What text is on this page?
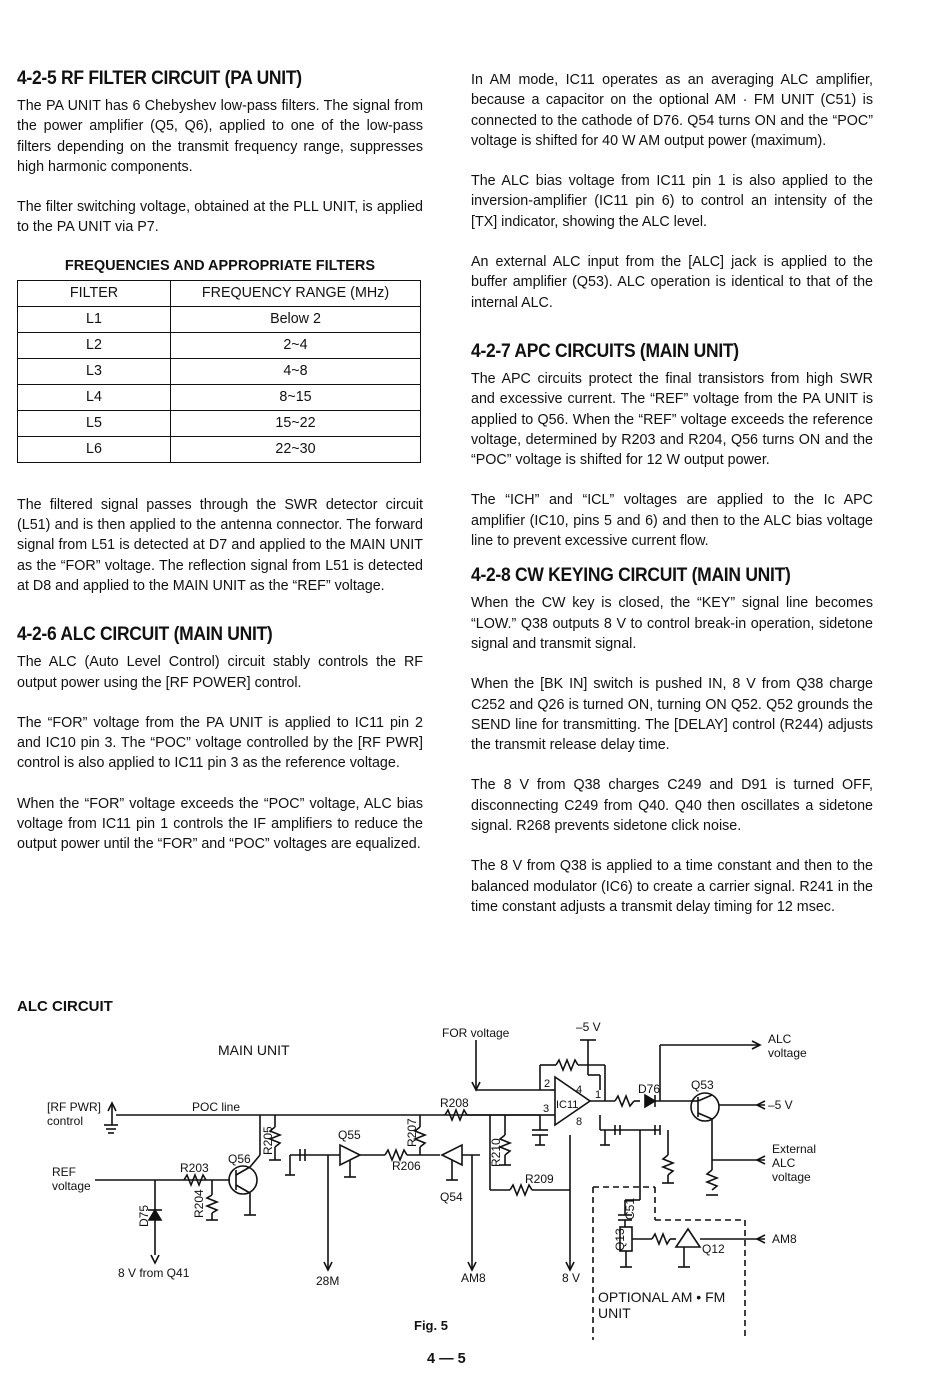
4-2-5 RF FILTER CIRCUIT (PA UNIT)

The PA UNIT has 6 Chebyshev low-pass filters. The signal from the power amplifier (Q5, Q6), applied to one of the low-pass filters depending on the transmit frequency range, suppresses high harmonic components.

The filter switching voltage, obtained at the PLL UNIT, is applied to the PA UNIT via P7.

FREQUENCIES AND APPROPRIATE FILTERS
FILTER	FREQUENCY RANGE (MHz)
L1	Below 2
L2	2~4
L3	4~8
L4	8~15
L5	15~22
L6	22~30

The filtered signal passes through the SWR detector circuit (L51) and is then applied to the antenna connector. The forward signal from L51 is detected at D7 and applied to the MAIN UNIT as the “FOR” voltage. The reflection signal from L51 is detected at D8 and applied to the MAIN UNIT as the “REF” voltage.

4-2-6 ALC CIRCUIT (MAIN UNIT)

The ALC (Auto Level Control) circuit stably controls the RF output power using the [RF POWER] control.

The “FOR” voltage from the PA UNIT is applied to IC11 pin 2 and IC10 pin 3. The “POC” voltage controlled by the [RF PWR] control is also applied to IC11 pin 3 as the reference voltage.

When the “FOR” voltage exceeds the “POC” voltage, ALC bias voltage from IC11 pin 1 controls the IF amplifiers to reduce the output power until the “FOR” and “POC” voltages are equalized.

In AM mode, IC11 operates as an averaging ALC amplifier, because a capacitor on the optional AM · FM UNIT (C51) is connected to the cathode of D76. Q54 turns ON and the “POC” voltage is shifted for 40 W AM output power (maximum).

The ALC bias voltage from IC11 pin 1 is also applied to the inversion-amplifier (IC11 pin 6) to control an intensity of the [TX] indicator, showing the ALC level.

An external ALC input from the [ALC] jack is applied to the buffer amplifier (Q53). ALC operation is identical to that of the internal ALC.

4-2-7 APC CIRCUITS (MAIN UNIT)

The APC circuits protect the final transistors from high SWR and excessive current. The “REF” voltage from the PA UNIT is applied to Q56. When the “REF” voltage exceeds the reference voltage, determined by R203 and R204, Q56 turns ON and the “POC” voltage is shifted for 12 W output power.

The “ICH” and “ICL” voltages are applied to the Ic APC amplifier (IC10, pins 5 and 6) and then to the ALC bias voltage line to prevent excessive current flow.

4-2-8 CW KEYING CIRCUIT (MAIN UNIT)

When the CW key is closed, the “KEY” signal line becomes “LOW.” Q38 outputs 8 V to control break-in operation, sidetone signal and transmit signal.

When the [BK IN] switch is pushed IN, 8 V from Q38 charge C252 and Q26 is turned ON, turning ON Q52. Q52 grounds the SEND line for transmitting. The [DELAY] control (R244) adjusts the transmit release delay time.

The 8 V from Q38 charges C249 and D91 is turned OFF, disconnecting C249 from Q40. Q40 then oscillates a sidetone signal. R268 prevents sidetone click noise.

The 8 V from Q38 is applied to a time constant and then to the balanced modulator (IC6) to create a carrier signal. R241 in the time constant adjusts a transmit delay timing for 12 msec.

ALC CIRCUIT
MAIN UNIT
[RF PWR]
control
POC line
REF
voltage
R203
Q56
R204
D75
R205
8 V from Q41
Q55	R207
R206
Q54
28M
R208
R210
R209
AM8
FOR voltage	–5 V
IC11
2
3
4 1
8
D76	Q53
ALC
voltage
–5 V
External
ALC
voltage
C51
Q13	Q12
AM8
8 V
OPTIONAL AM • FM
UNIT
Fig. 5
4 — 5
